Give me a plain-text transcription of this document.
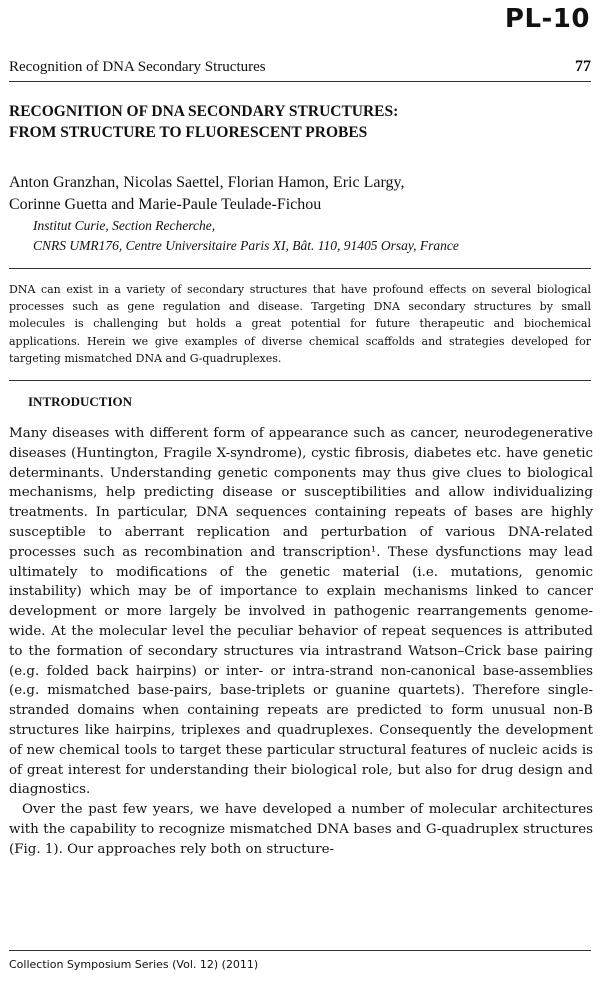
PL-10
Recognition of DNA Secondary Structures	77
RECOGNITION OF DNA SECONDARY STRUCTURES:
FROM STRUCTURE TO FLUORESCENT PROBES
Anton Granzhan, Nicolas Saettel, Florian Hamon, Eric Largy,
Corinne Guetta and Marie-Paule Teulade-Fichou
Institut Curie, Section Recherche,
CNRS UMR176, Centre Universitaire Paris XI, Bât. 110, 91405 Orsay, France
DNA can exist in a variety of secondary structures that have profound effects on several biological processes such as gene regulation and disease. Targeting DNA secondary structures by small molecules is challenging but holds a great potential for future therapeutic and biochemical applications. Herein we give examples of diverse chemical scaffolds and strategies developed for targeting mismatched DNA and G-quadruplexes.
INTRODUCTION

Many diseases with different form of appearance such as cancer, neurodegenerative diseases (Huntington, Fragile X-syndrome), cystic fibrosis, diabetes etc. have genetic determinants. Understanding genetic components may thus give clues to biological mechanisms, help predicting disease or susceptibilities and allow individualizing treatments. In particular, DNA sequences containing repeats of bases are highly susceptible to aberrant replication and perturbation of various DNA-related processes such as recombination and transcription¹. These dysfunctions may lead ultimately to modifications of the genetic material (i.e. mutations, genomic instability) which may be of importance to explain mechanisms linked to cancer development or more largely be involved in pathogenic rearrangements genome-wide. At the molecular level the peculiar behavior of repeat sequences is attributed to the formation of secondary structures via intrastrand Watson–Crick base pairing (e.g. folded back hairpins) or inter- or intra-strand non-canonical base-assemblies (e.g. mismatched base-pairs, base-triplets or guanine quartets). Therefore single-stranded domains when containing repeats are predicted to form unusual non-B structures like hairpins, triplexes and quadruplexes. Consequently the development of new chemical tools to target these particular structural features of nucleic acids is of great interest for understanding their biological role, but also for drug design and diagnostics.

Over the past few years, we have developed a number of molecular architectures with the capability to recognize mismatched DNA bases and G-quadruplex structures (Fig. 1). Our approaches rely both on structure-

Collection Symposium Series (Vol. 12) (2011)
